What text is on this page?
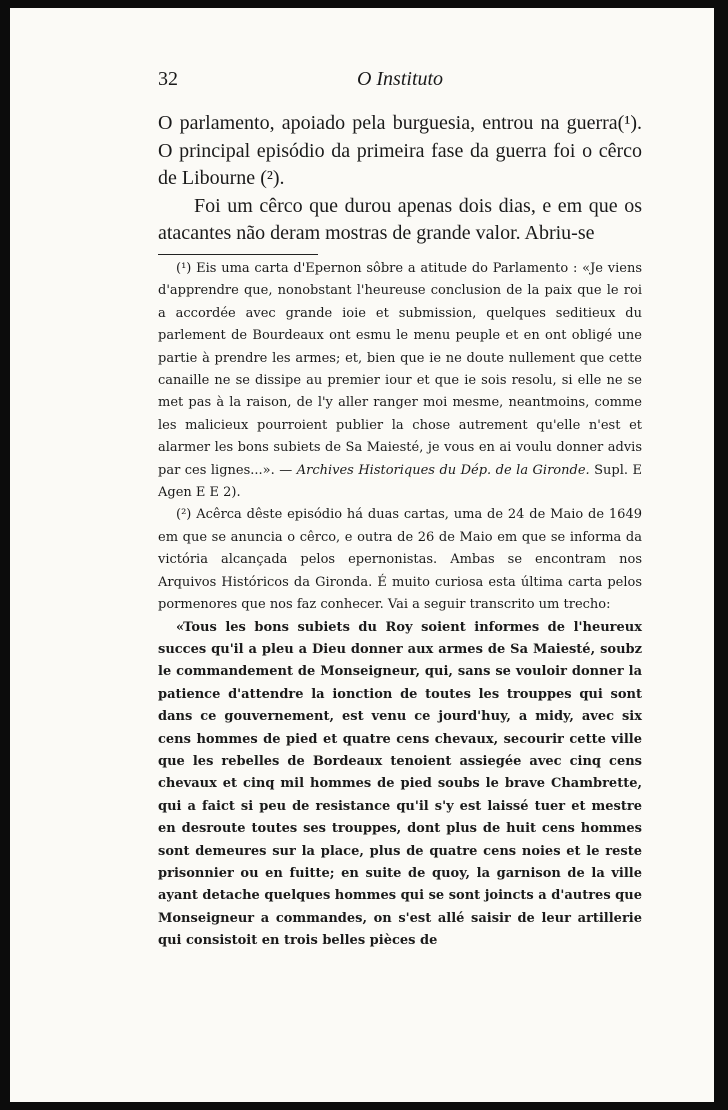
32	O Instituto

O parlamento, apoiado pela burguesia, entrou na guerra(¹). O principal episódio da primeira fase da guerra foi o cêrco de Libourne (²).

Foi um cêrco que durou apenas dois dias, e em que os atacantes não deram mostras de grande valor. Abriu-se

(¹) Eis uma carta d'Epernon sôbre a atitude do Parlamento : «Je viens d'apprendre que, nonobstant l'heureuse conclusion de la paix que le roi a accordée avec grande ioie et submission, quelques seditieux du parlement de Bourdeaux ont esmu le menu peuple et en ont obligé une partie à prendre les armes; et, bien que ie ne doute nullement que cette canaille ne se dissipe au premier iour et que ie sois resolu, si elle ne se met pas à la raison, de l'y aller ranger moi mesme, neantmoins, comme les malicieux pourroient publier la chose autrement qu'elle n'est et alarmer les bons subiets de Sa Maiesté, je vous en ai voulu donner advis par ces lignes...». — Archives Historiques du Dép. de la Gironde. Supl. E Agen E E 2).

(²) Acêrca dêste episódio há duas cartas, uma de 24 de Maio de 1649 em que se anuncia o cêrco, e outra de 26 de Maio em que se informa da victória alcançada pelos epernonistas. Ambas se encontram nos Arquivos Históricos da Gironda. É muito curiosa esta última carta pelos pormenores que nos faz conhecer. Vai a seguir transcrito um trecho:

«Tous les bons subiets du Roy soient informes de l'heureux succes qu'il a pleu a Dieu donner aux armes de Sa Maiesté, soubz le commandement de Monseigneur, qui, sans se vouloir donner la patience d'attendre la ionction de toutes les trouppes qui sont dans ce gouvernement, est venu ce jourd'huy, a midy, avec six cens hommes de pied et quatre cens chevaux, secourir cette ville que les rebelles de Bordeaux tenoient assiegée avec cinq cens chevaux et cinq mil hommes de pied soubs le brave Chambrette, qui a faict si peu de resistance qu'il s'y est laissé tuer et mestre en desroute toutes ses trouppes, dont plus de huit cens hommes sont demeures sur la place, plus de quatre cens noies et le reste prisonnier ou en fuitte; en suite de quoy, la garnison de la ville ayant detache quelques hommes qui se sont joincts a d'autres que Monseigneur a commandes, on s'est allé saisir de leur artillerie qui consistoit en trois belles pièces de
